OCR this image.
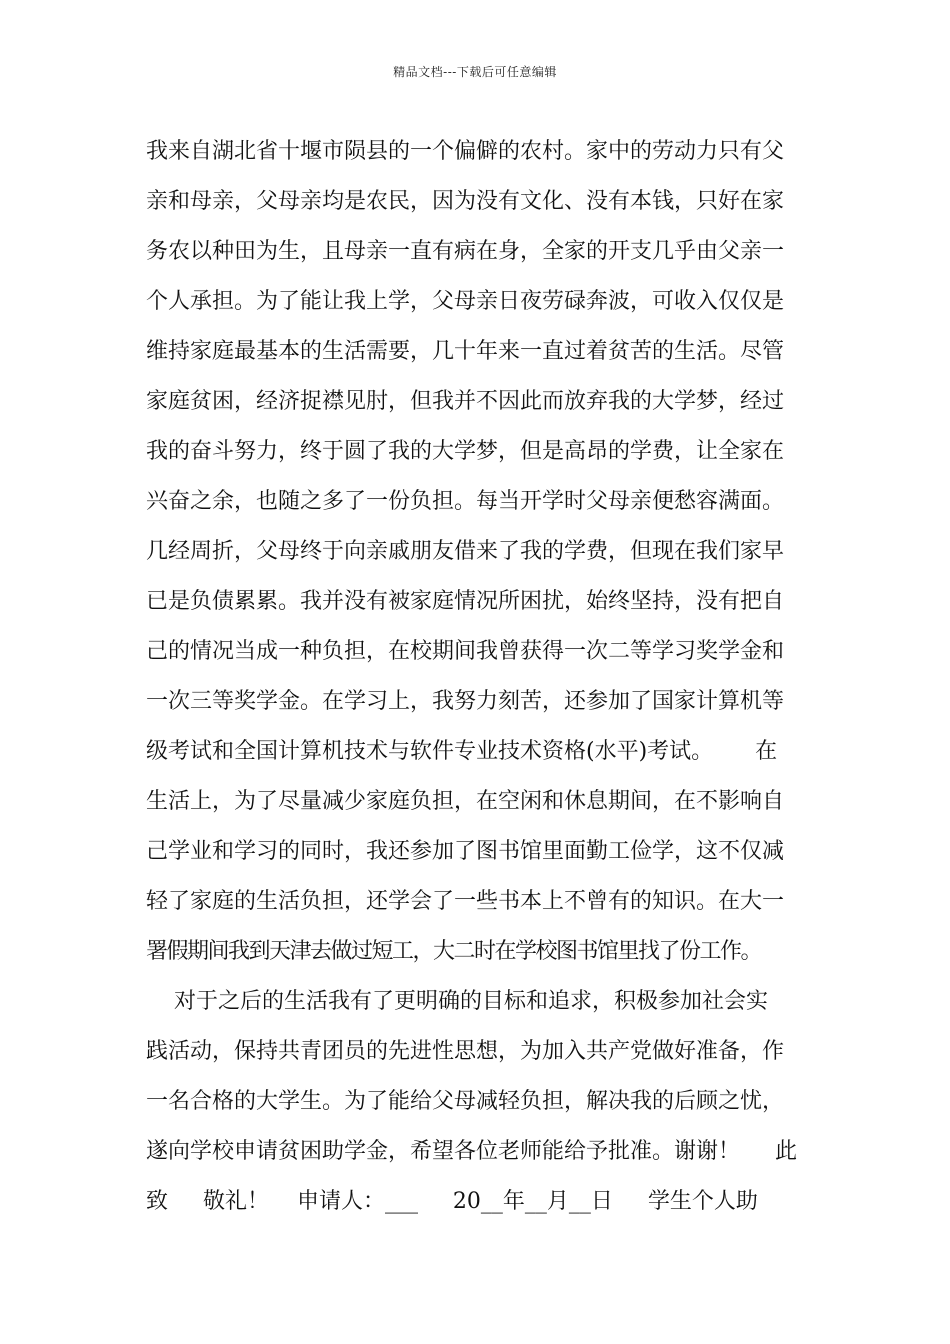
精品文档---下载后可任意编辑
我来自湖北省十堰市陨县的一个偏僻的农村。家中的劳动力只有父
亲和母亲，父母亲均是农民，因为没有文化、没有本钱，只好在家
务农以种田为生，且母亲一直有病在身，全家的开支几乎由父亲一
个人承担。为了能让我上学，父母亲日夜劳碌奔波，可收入仅仅是
维持家庭最基本的生活需要，几十年来一直过着贫苦的生活。尽管
家庭贫困，经济捉襟见肘，但我并不因此而放弃我的大学梦，经过
我的奋斗努力，终于圆了我的大学梦，但是高昂的学费，让全家在
兴奋之余，也随之多了一份负担。每当开学时父母亲便愁容满面。
几经周折，父母终于向亲戚朋友借来了我的学费，但现在我们家早
已是负债累累。我并没有被家庭情况所困扰，始终坚持，没有把自
己的情况当成一种负担，在校期间我曾获得一次二等学习奖学金和
一次三等奖学金。在学习上，我努力刻苦，还参加了国家计算机等
级考试和全国计算机技术与软件专业技术资格(水平)考试。      在
生活上，为了尽量减少家庭负担，在空闲和休息期间，在不影响自
己学业和学习的同时，我还参加了图书馆里面勤工俭学，这不仅减
轻了家庭的生活负担，还学会了一些书本上不曾有的知识。在大一
署假期间我到天津去做过短工，大二时在学校图书馆里找了份工作。
对于之后的生活我有了更明确的目标和追求，积极参加社会实
践活动，保持共青团员的先进性思想，为加入共产党做好准备，作
一名合格的大学生。为了能给父母减轻负担，解决我的后顾之忧，
遂向学校申请贫困助学金，希望各位老师能给予批准。谢谢！     此
致     敬礼！    申请人：___     20__年__月__日     学生个人助
